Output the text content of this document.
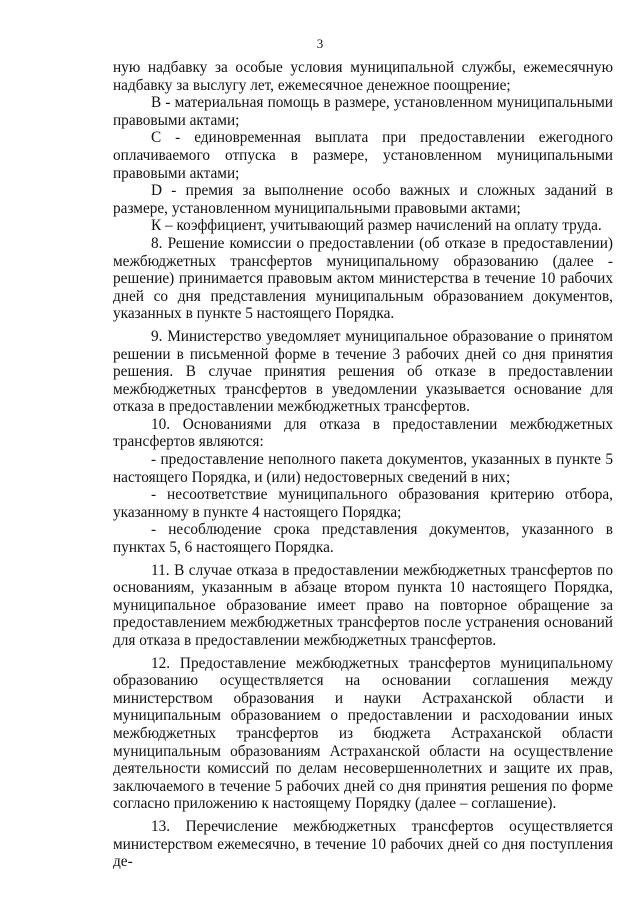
3

ную надбавку за особые условия муниципальной службы, ежемесячную надбавку за выслугу лет, ежемесячное денежное поощрение;

В - материальная помощь в размере, установленном муниципальными правовыми актами;

С - единовременная выплата при предоставлении ежегодного оплачиваемого отпуска в размере, установленном муниципальными правовыми актами;

D - премия за выполнение особо важных и сложных заданий в размере, установленном муниципальными правовыми актами;

К – коэффициент, учитывающий размер начислений на оплату труда.

8. Решение комиссии о предоставлении (об отказе в предоставлении) межбюджетных трансфертов муниципальному образованию (далее - решение) принимается правовым актом министерства в течение 10 рабочих дней со дня представления муниципальным образованием документов, указанных в пункте 5 настоящего Порядка.

9. Министерство уведомляет муниципальное образование о принятом решении в письменной форме в течение 3 рабочих дней со дня принятия решения. В случае принятия решения об отказе в предоставлении межбюджетных трансфертов в уведомлении указывается основание для отказа в предоставлении межбюджетных трансфертов.

10. Основаниями для отказа в предоставлении межбюджетных трансфертов являются:

- предоставление неполного пакета документов, указанных в пункте 5 настоящего Порядка, и (или) недостоверных сведений в них;

- несоответствие муниципального образования критерию отбора, указанному в пункте 4 настоящего Порядка;

- несоблюдение срока представления документов, указанного в пунктах 5, 6 настоящего Порядка.

11. В случае отказа в предоставлении межбюджетных трансфертов по основаниям, указанным в абзаце втором пункта 10 настоящего Порядка, муниципальное образование имеет право на повторное обращение за предоставлением межбюджетных трансфертов после устранения оснований для отказа в предоставлении межбюджетных трансфертов.

12. Предоставление межбюджетных трансфертов муниципальному образованию осуществляется на основании соглашения между министерством образования и науки Астраханской области и муниципальным образованием о предоставлении и расходовании иных межбюджетных трансфертов из бюджета Астраханской области муниципальным образованиям Астраханской области на осуществление деятельности комиссий по делам несовершеннолетних и защите их прав, заключаемого в течение 5 рабочих дней со дня принятия решения по форме согласно приложению к настоящему Порядку (далее – соглашение).

13. Перечисление межбюджетных трансфертов осуществляется министерством ежемесячно, в течение 10 рабочих дней со дня поступления де-
